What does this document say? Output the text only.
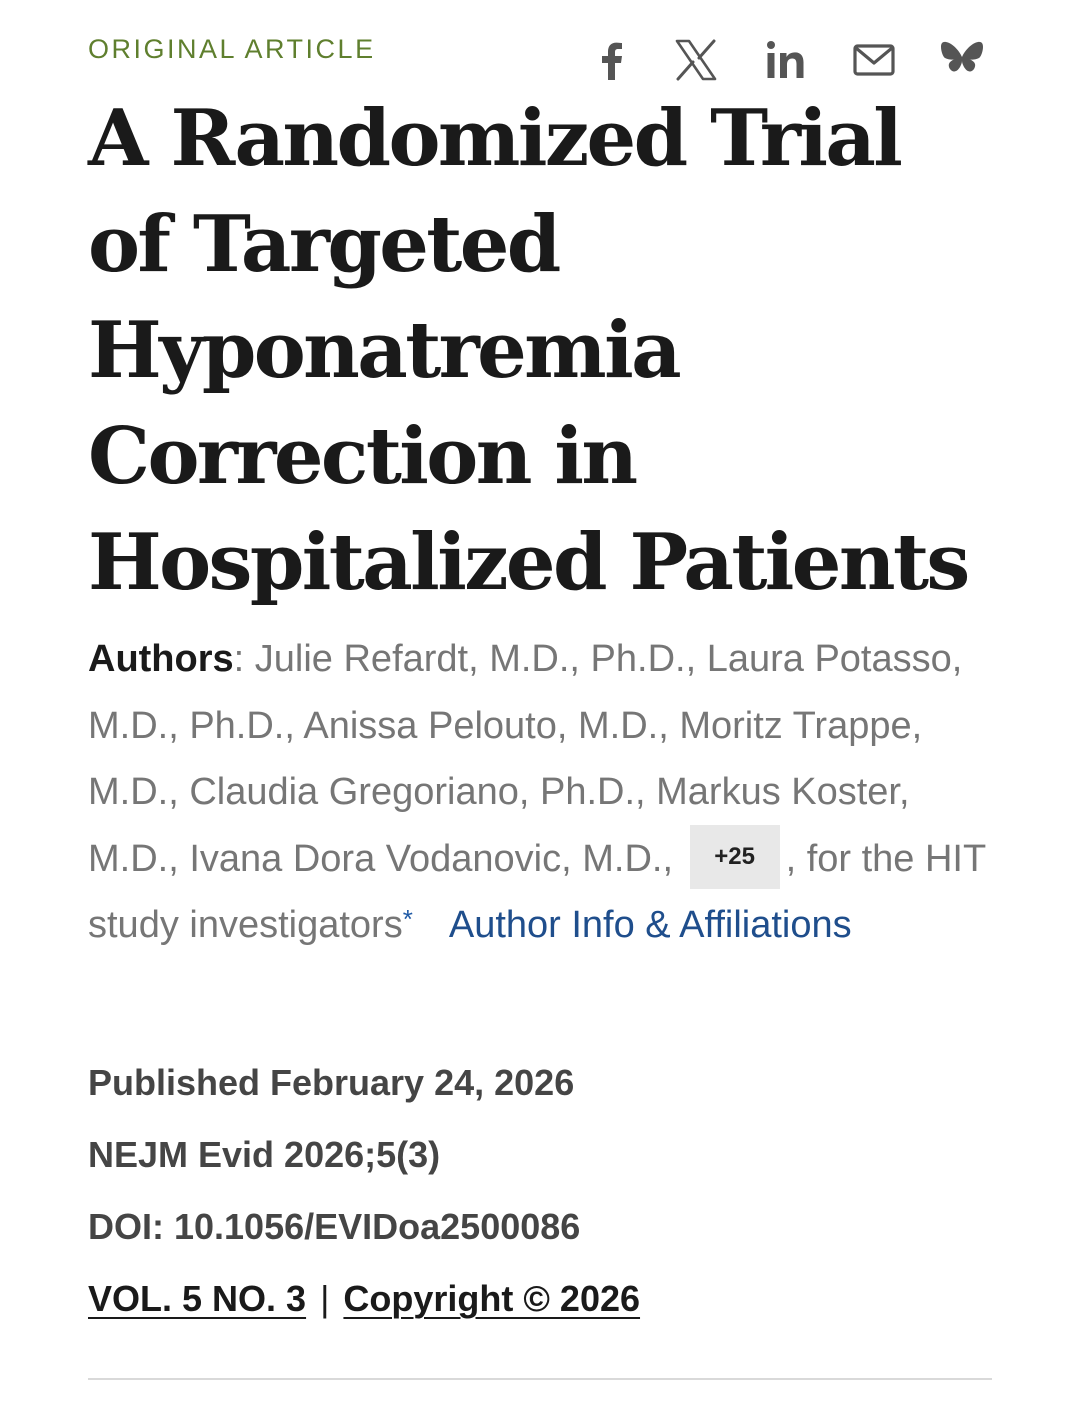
ORIGINAL ARTICLE
A Randomized Trial of Targeted Hyponatremia Correction in Hospitalized Patients
Authors: Julie Refardt, M.D., Ph.D., Laura Potasso, M.D., Ph.D., Anissa Pelouto, M.D., Moritz Trappe, M.D., Claudia Gregoriano, Ph.D., Markus Koster, M.D., Ivana Dora Vodanovic, M.D., +25 , for the HIT study investigators* Author Info & Affiliations
Published February 24, 2026
NEJM Evid 2026;5(3)
DOI: 10.1056/EVIDoa2500086
VOL. 5 NO. 3 | Copyright © 2026
